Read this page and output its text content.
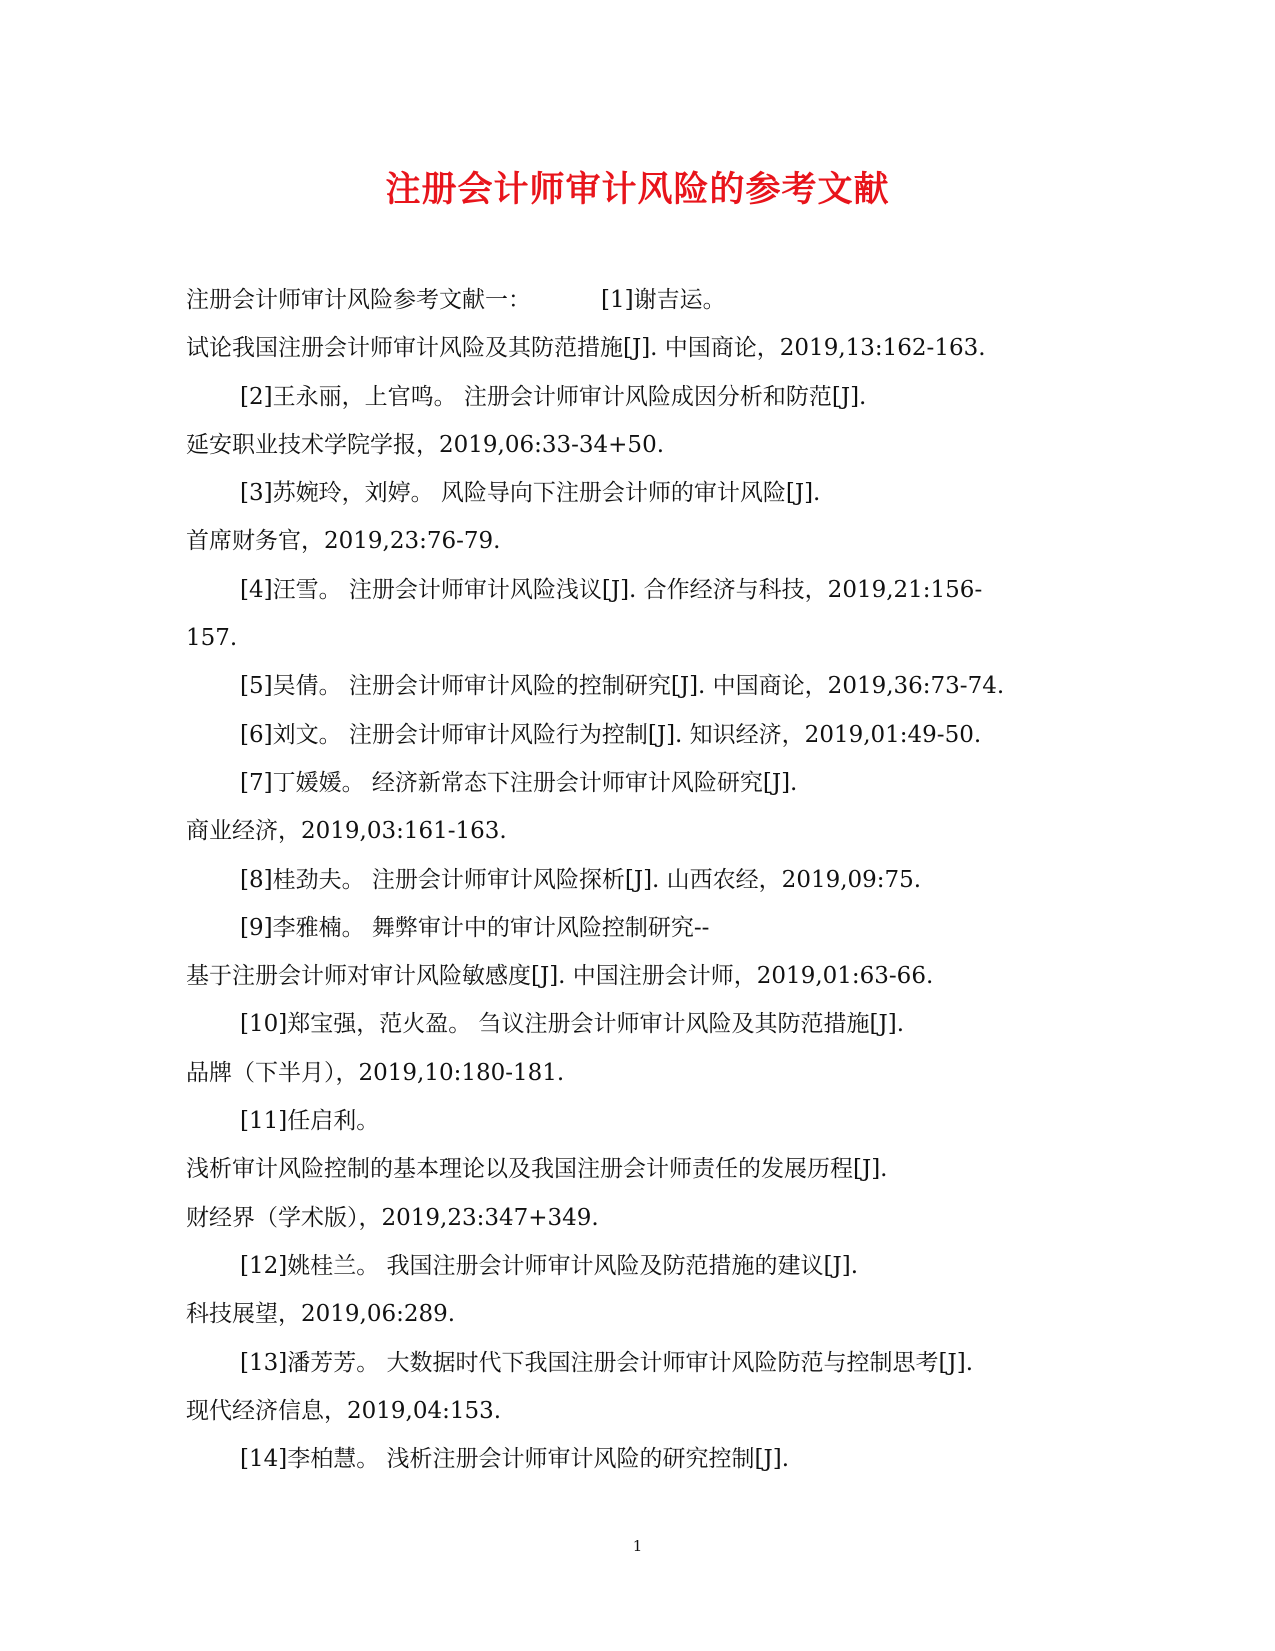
注册会计师审计风险的参考文献
注册会计师审计风险参考文献一：	[1]谢吉运。
试论我国注册会计师审计风险及其防范措施[J]. 中国商论，2019,13:162-163.
[2]王永丽，上官鸣。 注册会计师审计风险成因分析和防范[J].
延安职业技术学院学报，2019,06:33-34+50.
[3]苏婉玲，刘婷。 风险导向下注册会计师的审计风险[J].
首席财务官，2019,23:76-79.
[4]汪雪。 注册会计师审计风险浅议[J]. 合作经济与科技，2019,21:156-
157.
[5]吴倩。 注册会计师审计风险的控制研究[J]. 中国商论，2019,36:73-74.
[6]刘文。 注册会计师审计风险行为控制[J]. 知识经济，2019,01:49-50.
[7]丁媛媛。 经济新常态下注册会计师审计风险研究[J].
商业经济，2019,03:161-163.
[8]桂劲夫。 注册会计师审计风险探析[J]. 山西农经，2019,09:75.
[9]李雅楠。 舞弊审计中的审计风险控制研究--
基于注册会计师对审计风险敏感度[J]. 中国注册会计师，2019,01:63-66.
[10]郑宝强，范火盈。 刍议注册会计师审计风险及其防范措施[J].
品牌（下半月），2019,10:180-181.
[11]任启利。
浅析审计风险控制的基本理论以及我国注册会计师责任的发展历程[J].
财经界（学术版），2019,23:347+349.
[12]姚桂兰。 我国注册会计师审计风险及防范措施的建议[J].
科技展望，2019,06:289.
[13]潘芳芳。 大数据时代下我国注册会计师审计风险防范与控制思考[J].
现代经济信息，2019,04:153.
[14]李柏慧。 浅析注册会计师审计风险的研究控制[J].
1
